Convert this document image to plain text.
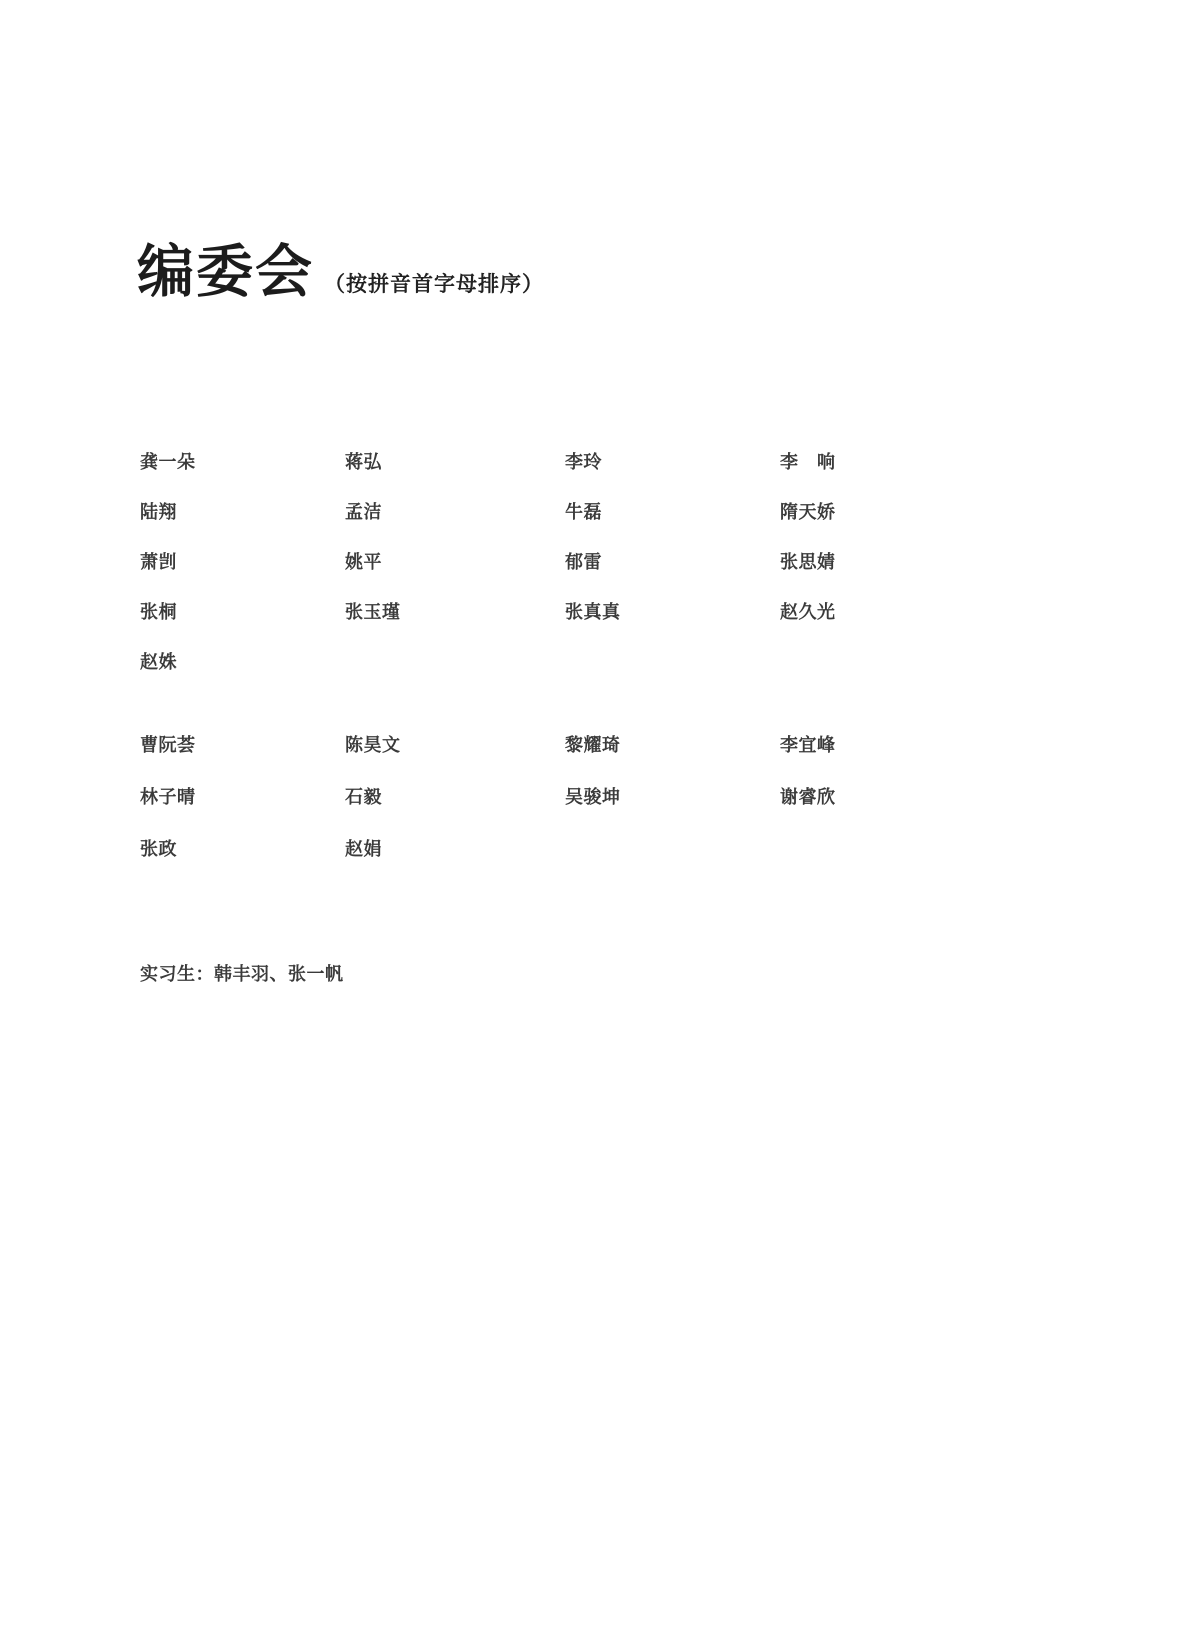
编委会 （按拼音首字母排序）
龚一朵	蒋弘	李玲	李　响
陆翔	孟洁	牛磊	隋天娇
萧剀	姚平	郁雷	张思婧
张桐	张玉瑾	张真真	赵久光
赵姝
曹阮荟	陈昊文	黎耀琦	李宜峰
林子晴	石毅	吴骏坤	谢睿欣
张政	赵娟
实习生：韩丰羽、张一帆
